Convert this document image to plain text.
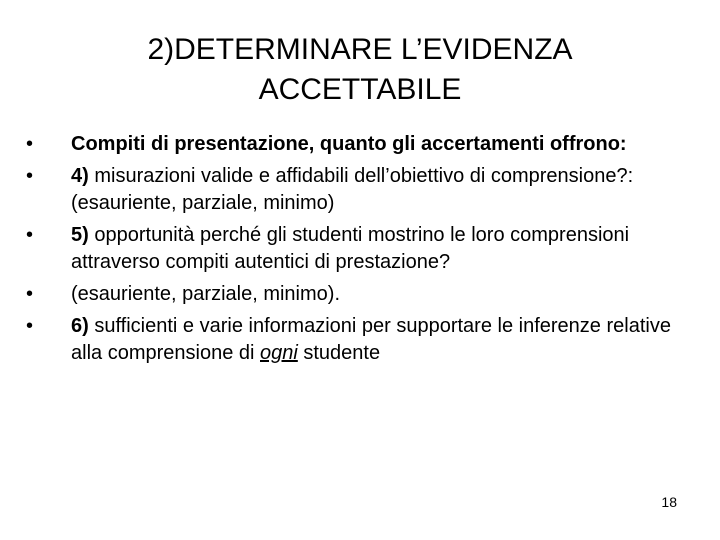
2)DETERMINARE L’EVIDENZA
ACCETTABILE
•	Compiti di presentazione, quanto gli accertamenti offrono:
•	4) misurazioni valide e affidabili dell’obiettivo di comprensione?: (esauriente, parziale, minimo)
•	5) opportunità perché gli studenti mostrino le loro comprensioni attraverso compiti autentici di prestazione?
•	(esauriente, parziale, minimo).
•	6) sufficienti e varie informazioni per supportare le inferenze relative alla comprensione di ogni studente
18
